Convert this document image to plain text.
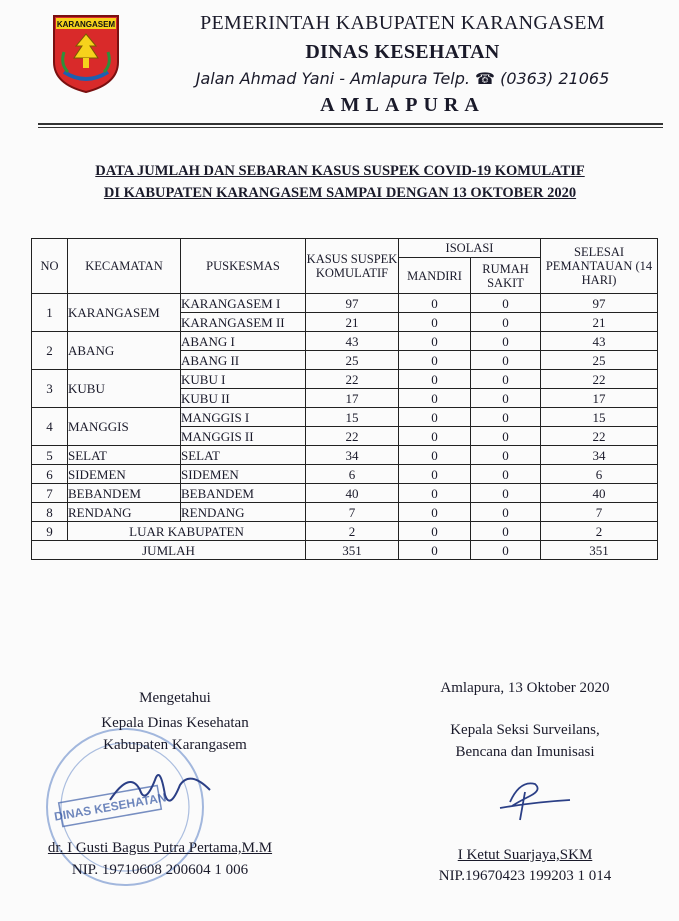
KARANGASEM	PEMERINTAH KABUPATEN KARANGASEM
DINAS KESEHATAN
Jalan Ahmad Yani - Amlapura Telp. ☎ (0363) 21065
AMLAPURA
DATA JUMLAH DAN SEBARAN KASUS SUSPEK COVID-19 KOMULATIF
DI KABUPATEN KARANGASEM SAMPAI DENGAN 13 OKTOBER 2020
NO	KECAMATAN	PUSKESMAS	KASUS SUSPEK KOMULATIF	ISOLASI		SELESAI PEMANTAUAN (14 HARI)
				MANDIRI	RUMAH SAKIT	
1	KARANGASEM	KARANGASEM I	97	0	0	97
		KARANGASEM II	21	0	0	21
2	ABANG	ABANG I	43	0	0	43
		ABANG II	25	0	0	25
3	KUBU	KUBU I	22	0	0	22
		KUBU II	17	0	0	17
4	MANGGIS	MANGGIS I	15	0	0	15
		MANGGIS II	22	0	0	22
5	SELAT	SELAT	34	0	0	34
6	SIDEMEN	SIDEMEN	6	0	0	6
7	BEBANDEM	BEBANDEM	40	0	0	40
8	RENDANG	RENDANG	7	0	0	7
9	LUAR KABUPATEN		2	0	0	2
JUMLAH			351	0	0	351
DINAS KESEHATAN
Mengetahui
Kepala Dinas Kesehatan
Kabupaten Karangasem
dr. I Gusti Bagus Putra Pertama,M.M
NIP. 19710608 200604 1 006
Amlapura, 13 Oktober 2020
Kepala Seksi Surveilans,
Bencana dan Imunisasi
I Ketut Suarjaya,SKM
NIP.19670423 199203 1 014
